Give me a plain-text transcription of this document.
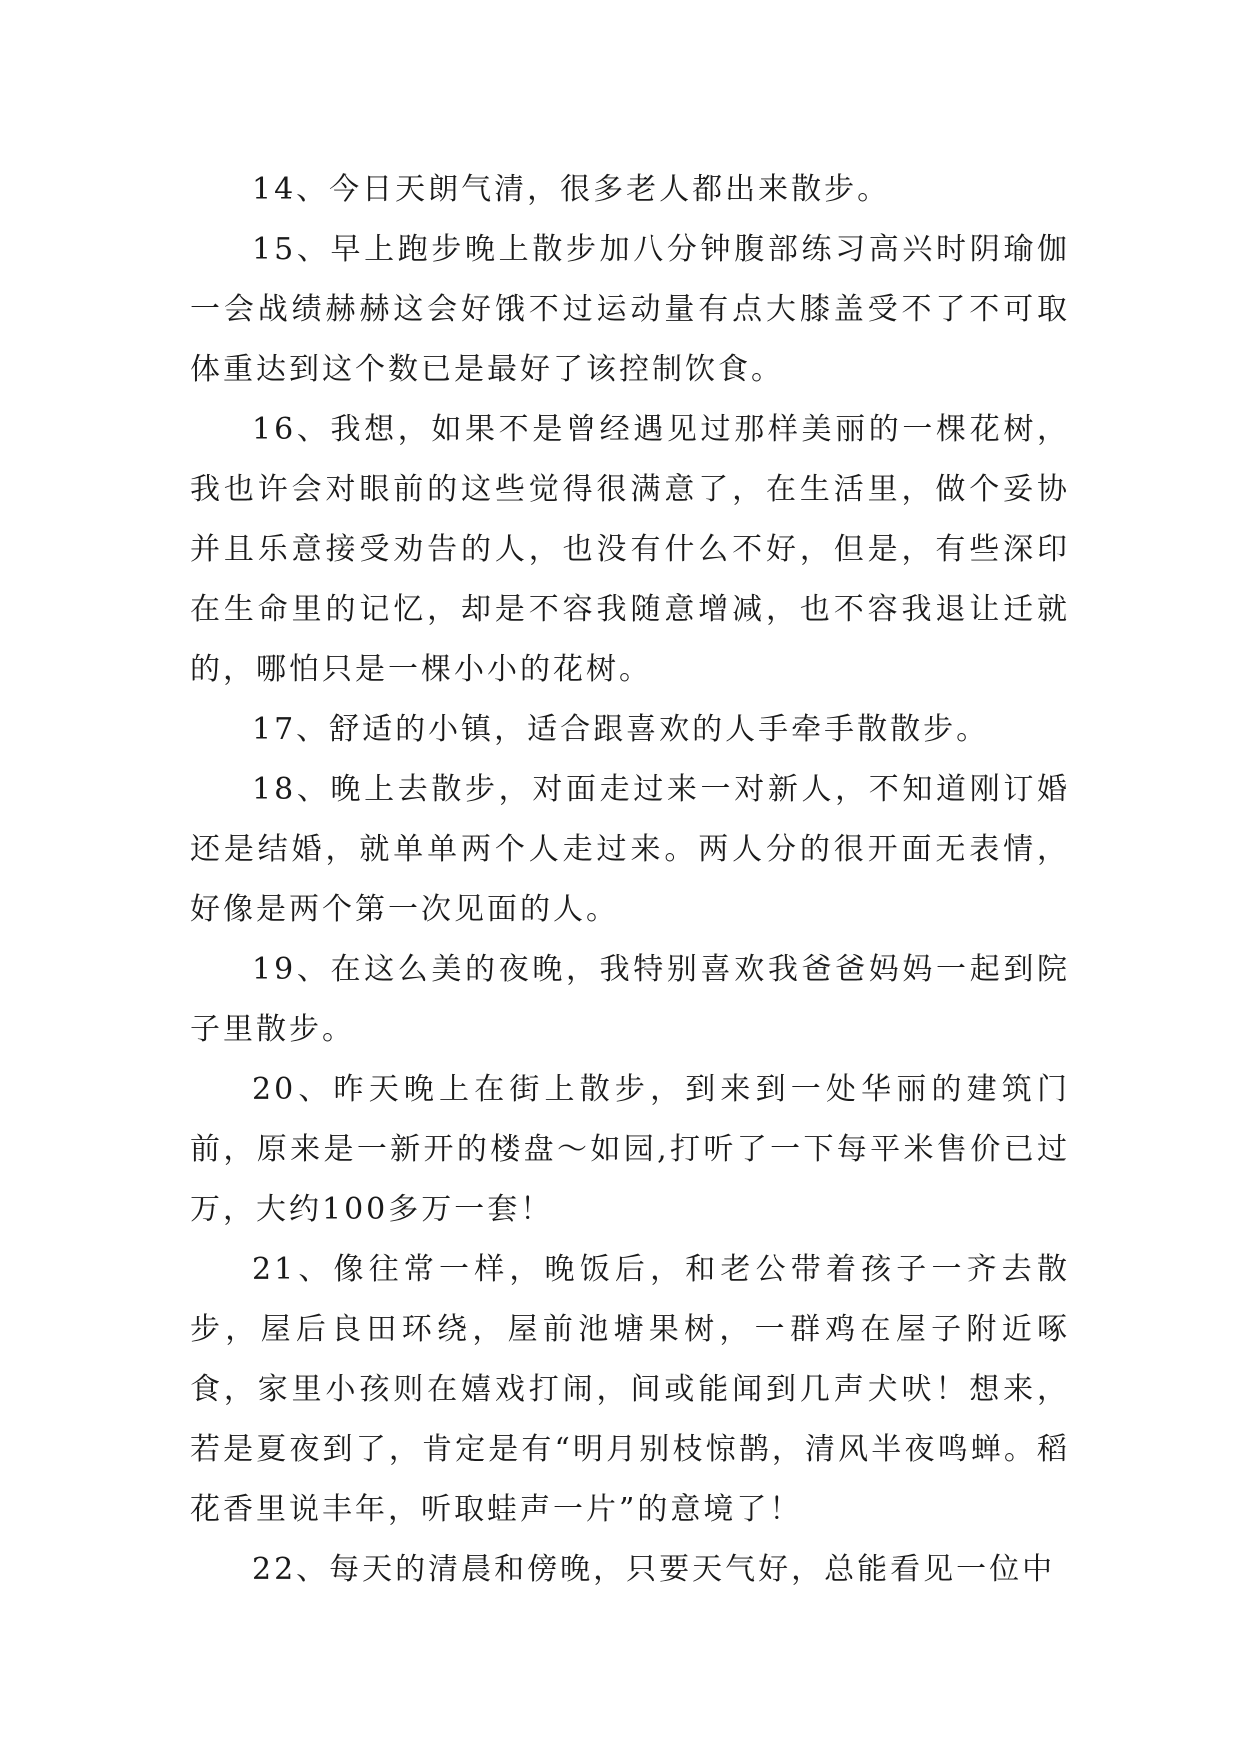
14、今日天朗气清，很多老人都出来散步。

15、早上跑步晚上散步加八分钟腹部练习高兴时阴瑜伽一会战绩赫赫这会好饿不过运动量有点大膝盖受不了不可取体重达到这个数已是最好了该控制饮食。

16、我想，如果不是曾经遇见过那样美丽的一棵花树，我也许会对眼前的这些觉得很满意了，在生活里，做个妥协并且乐意接受劝告的人，也没有什么不好，但是，有些深印在生命里的记忆，却是不容我随意增减，也不容我退让迁就的，哪怕只是一棵小小的花树。

17、舒适的小镇，适合跟喜欢的人手牵手散散步。

18、晚上去散步，对面走过来一对新人，不知道刚订婚还是结婚，就单单两个人走过来。两人分的很开面无表情，好像是两个第一次见面的人。

19、在这么美的夜晚，我特别喜欢我爸爸妈妈一起到院子里散步。

20、昨天晚上在街上散步，到来到一处华丽的建筑门前，原来是一新开的楼盘～如园,打听了一下每平米售价已过万，大约100多万一套！

21、像往常一样，晚饭后，和老公带着孩子一齐去散步，屋后良田环绕，屋前池塘果树，一群鸡在屋子附近啄食，家里小孩则在嬉戏打闹，间或能闻到几声犬吠！想来，若是夏夜到了，肯定是有“明月别枝惊鹊，清风半夜鸣蝉。稻花香里说丰年，听取蛙声一片”的意境了！

22、每天的清晨和傍晚，只要天气好，总能看见一位中
